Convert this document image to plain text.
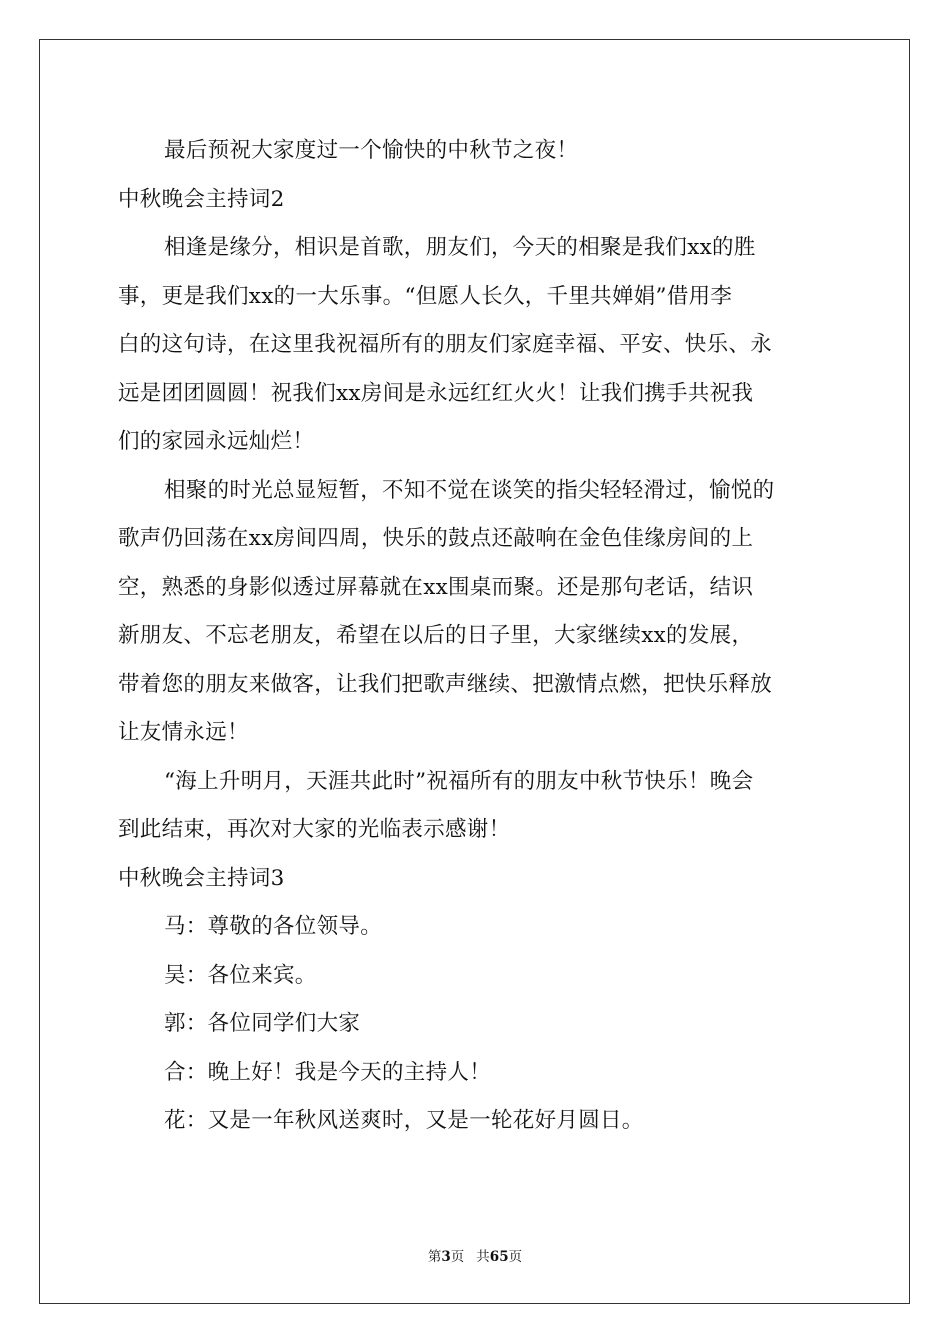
最后预祝大家度过一个愉快的中秋节之夜！
中秋晚会主持词2
相逢是缘分，相识是首歌，朋友们，今天的相聚是我们xx的胜
事，更是我们xx的一大乐事。“但愿人长久，千里共婵娟”借用李
白的这句诗，在这里我祝福所有的朋友们家庭幸福、平安、快乐、永
远是团团圆圆！祝我们xx房间是永远红红火火！让我们携手共祝我
们的家园永远灿烂！
相聚的时光总显短暂，不知不觉在谈笑的指尖轻轻滑过，愉悦的
歌声仍回荡在xx房间四周，快乐的鼓点还敲响在金色佳缘房间的上
空，熟悉的身影似透过屏幕就在xx围桌而聚。还是那句老话，结识
新朋友、不忘老朋友，希望在以后的日子里，大家继续xx的发展，
带着您的朋友来做客，让我们把歌声继续、把激情点燃，把快乐释放
让友情永远！
“海上升明月，天涯共此时”祝福所有的朋友中秋节快乐！晚会
到此结束，再次对大家的光临表示感谢！
中秋晚会主持词3
马：尊敬的各位领导。
吴：各位来宾。
郭：各位同学们大家
合：晚上好！我是今天的主持人！
花：又是一年秋风送爽时，又是一轮花好月圆日。
第3页 共65页
